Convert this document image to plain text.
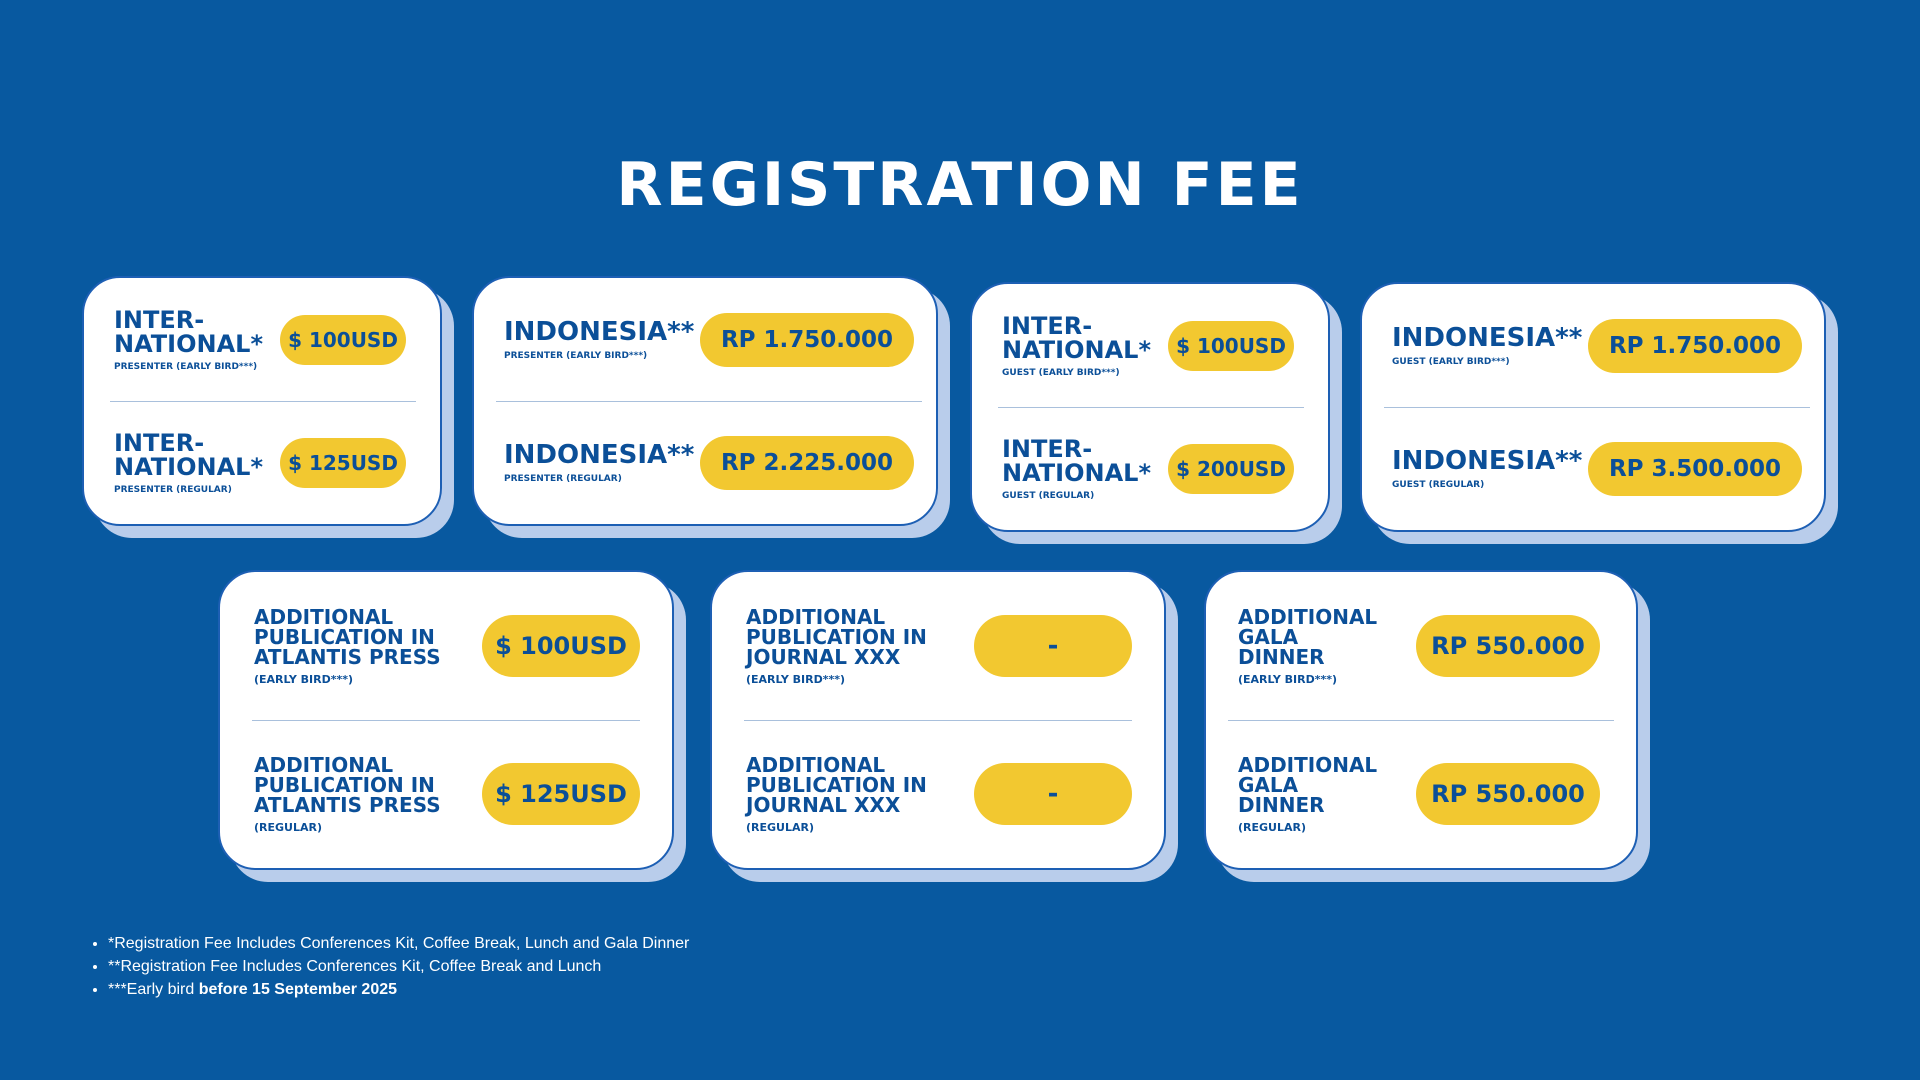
REGISTRATION FEE
INTER-NATIONAL*
PRESENTER (EARLY BIRD***)
$ 100USD
INTER-NATIONAL*
PRESENTER (REGULAR)
$ 125USD
INDONESIA**
PRESENTER (EARLY BIRD***)
RP 1.750.000
INDONESIA**
PRESENTER (REGULAR)
RP 2.225.000
INTER-NATIONAL*
GUEST (EARLY BIRD***)
$ 100USD
INTER-NATIONAL*
GUEST (REGULAR)
$ 200USD
INDONESIA**
GUEST (EARLY BIRD***)
RP 1.750.000
INDONESIA**
GUEST (REGULAR)
RP 3.500.000
ADDITIONAL PUBLICATION IN ATLANTIS PRESS
(EARLY BIRD***)
$ 100USD
ADDITIONAL PUBLICATION IN ATLANTIS PRESS
(REGULAR)
$ 125USD
ADDITIONAL PUBLICATION IN JOURNAL XXX
(EARLY BIRD***)
-
ADDITIONAL PUBLICATION IN JOURNAL XXX
(REGULAR)
-
ADDITIONAL GALA DINNER
(EARLY BIRD***)
RP 550.000
ADDITIONAL GALA DINNER
(REGULAR)
RP 550.000
• *Registration Fee Includes Conferences Kit, Coffee Break, Lunch and Gala Dinner
• **Registration Fee Includes Conferences Kit, Coffee Break and Lunch
• ***Early bird before 15 September 2025
